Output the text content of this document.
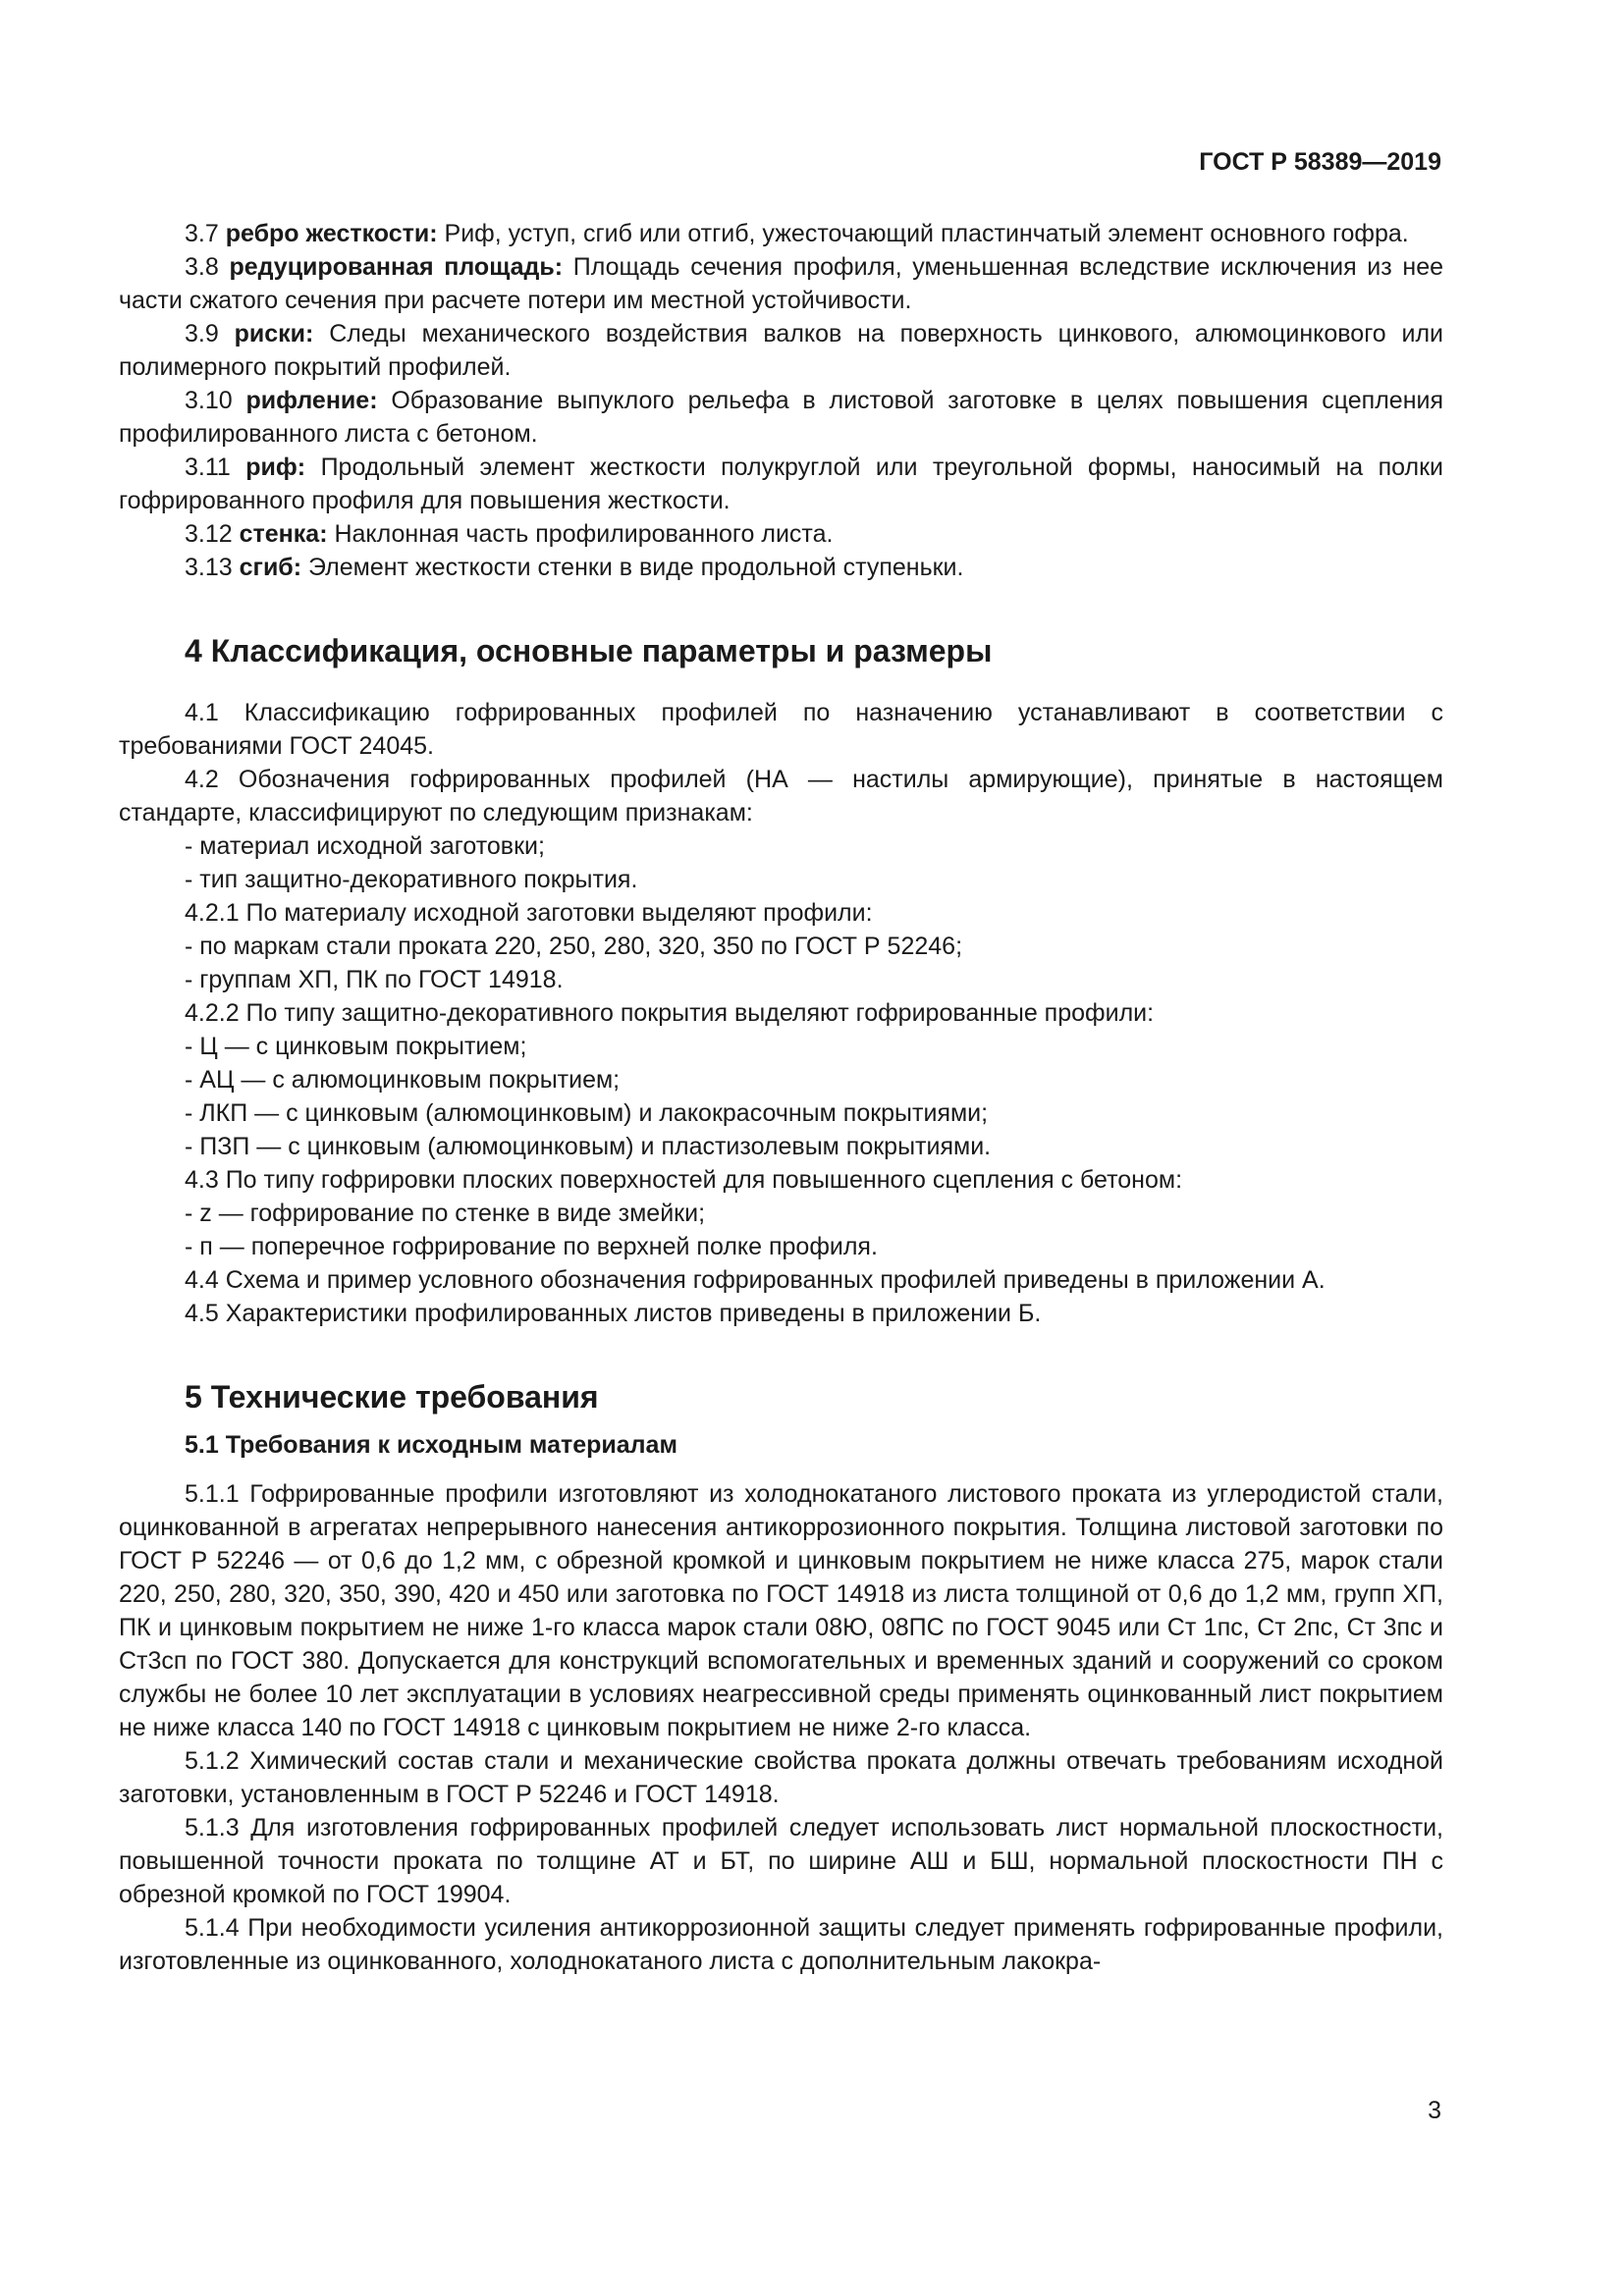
ГОСТ Р 58389—2019

3.7 ребро жесткости: Риф, уступ, сгиб или отгиб, ужесточающий пластинчатый элемент основного гофра.

3.8 редуцированная площадь: Площадь сечения профиля, уменьшенная вследствие исключения из нее части сжатого сечения при расчете потери им местной устойчивости.

3.9 риски: Следы механического воздействия валков на поверхность цинкового, алюмоцинкового или полимерного покрытий профилей.

3.10 рифление: Образование выпуклого рельефа в листовой заготовке в целях повышения сцепления профилированного листа с бетоном.

3.11 риф: Продольный элемент жесткости полукруглой или треугольной формы, наносимый на полки гофрированного профиля для повышения жесткости.

3.12 стенка: Наклонная часть профилированного листа.

3.13 сгиб: Элемент жесткости стенки в виде продольной ступеньки.

4 Классификация, основные параметры и размеры

4.1 Классификацию гофрированных профилей по назначению устанавливают в соответствии с требованиями ГОСТ 24045.

4.2 Обозначения гофрированных профилей (НА — настилы армирующие), принятые в настоящем стандарте, классифицируют по следующим признакам:

- материал исходной заготовки;

- тип защитно-декоративного покрытия.

4.2.1 По материалу исходной заготовки выделяют профили:

- по маркам стали проката 220, 250, 280, 320, 350 по ГОСТ Р 52246;

- группам ХП, ПК по ГОСТ 14918.

4.2.2 По типу защитно-декоративного покрытия выделяют гофрированные профили:

- Ц — с цинковым покрытием;

- АЦ — с алюмоцинковым покрытием;

- ЛКП — с цинковым (алюмоцинковым) и лакокрасочным покрытиями;

- ПЗП — с цинковым (алюмоцинковым) и пластизолевым покрытиями.

4.3 По типу гофрировки плоских поверхностей для повышенного сцепления с бетоном:

- z — гофрирование по стенке в виде змейки;

- п — поперечное гофрирование по верхней полке профиля.

4.4 Схема и пример условного обозначения гофрированных профилей приведены в приложении А.

4.5 Характеристики профилированных листов приведены в приложении Б.

5 Технические требования
5.1 Требования к исходным материалам

5.1.1 Гофрированные профили изготовляют из холоднокатаного листового проката из углеродистой стали, оцинкованной в агрегатах непрерывного нанесения антикоррозионного покрытия. Толщина листовой заготовки по ГОСТ Р 52246 — от 0,6 до 1,2 мм, с обрезной кромкой и цинковым покрытием не ниже класса 275, марок стали 220, 250, 280, 320, 350, 390, 420 и 450 или заготовка по ГОСТ 14918 из листа толщиной от 0,6 до 1,2 мм, групп ХП, ПК и цинковым покрытием не ниже 1-го класса марок стали 08Ю, 08ПС по ГОСТ 9045 или Ст 1пс, Ст 2пс, Ст 3пс и Ст3сп по ГОСТ 380. Допускается для конструкций вспомогательных и временных зданий и сооружений со сроком службы не более 10 лет эксплуатации в условиях неагрессивной среды применять оцинкованный лист покрытием не ниже класса 140 по ГОСТ 14918 с цинковым покрытием не ниже 2-го класса.

5.1.2 Химический состав стали и механические свойства проката должны отвечать требованиям исходной заготовки, установленным в ГОСТ Р 52246 и ГОСТ 14918.

5.1.3 Для изготовления гофрированных профилей следует использовать лист нормальной плоскостности, повышенной точности проката по толщине АТ и БТ, по ширине АШ и БШ, нормальной плоскостности ПН с обрезной кромкой по ГОСТ 19904.

5.1.4 При необходимости усиления антикоррозионной защиты следует применять гофрированные профили, изготовленные из оцинкованного, холоднокатаного листа с дополнительным лакокра-

3
